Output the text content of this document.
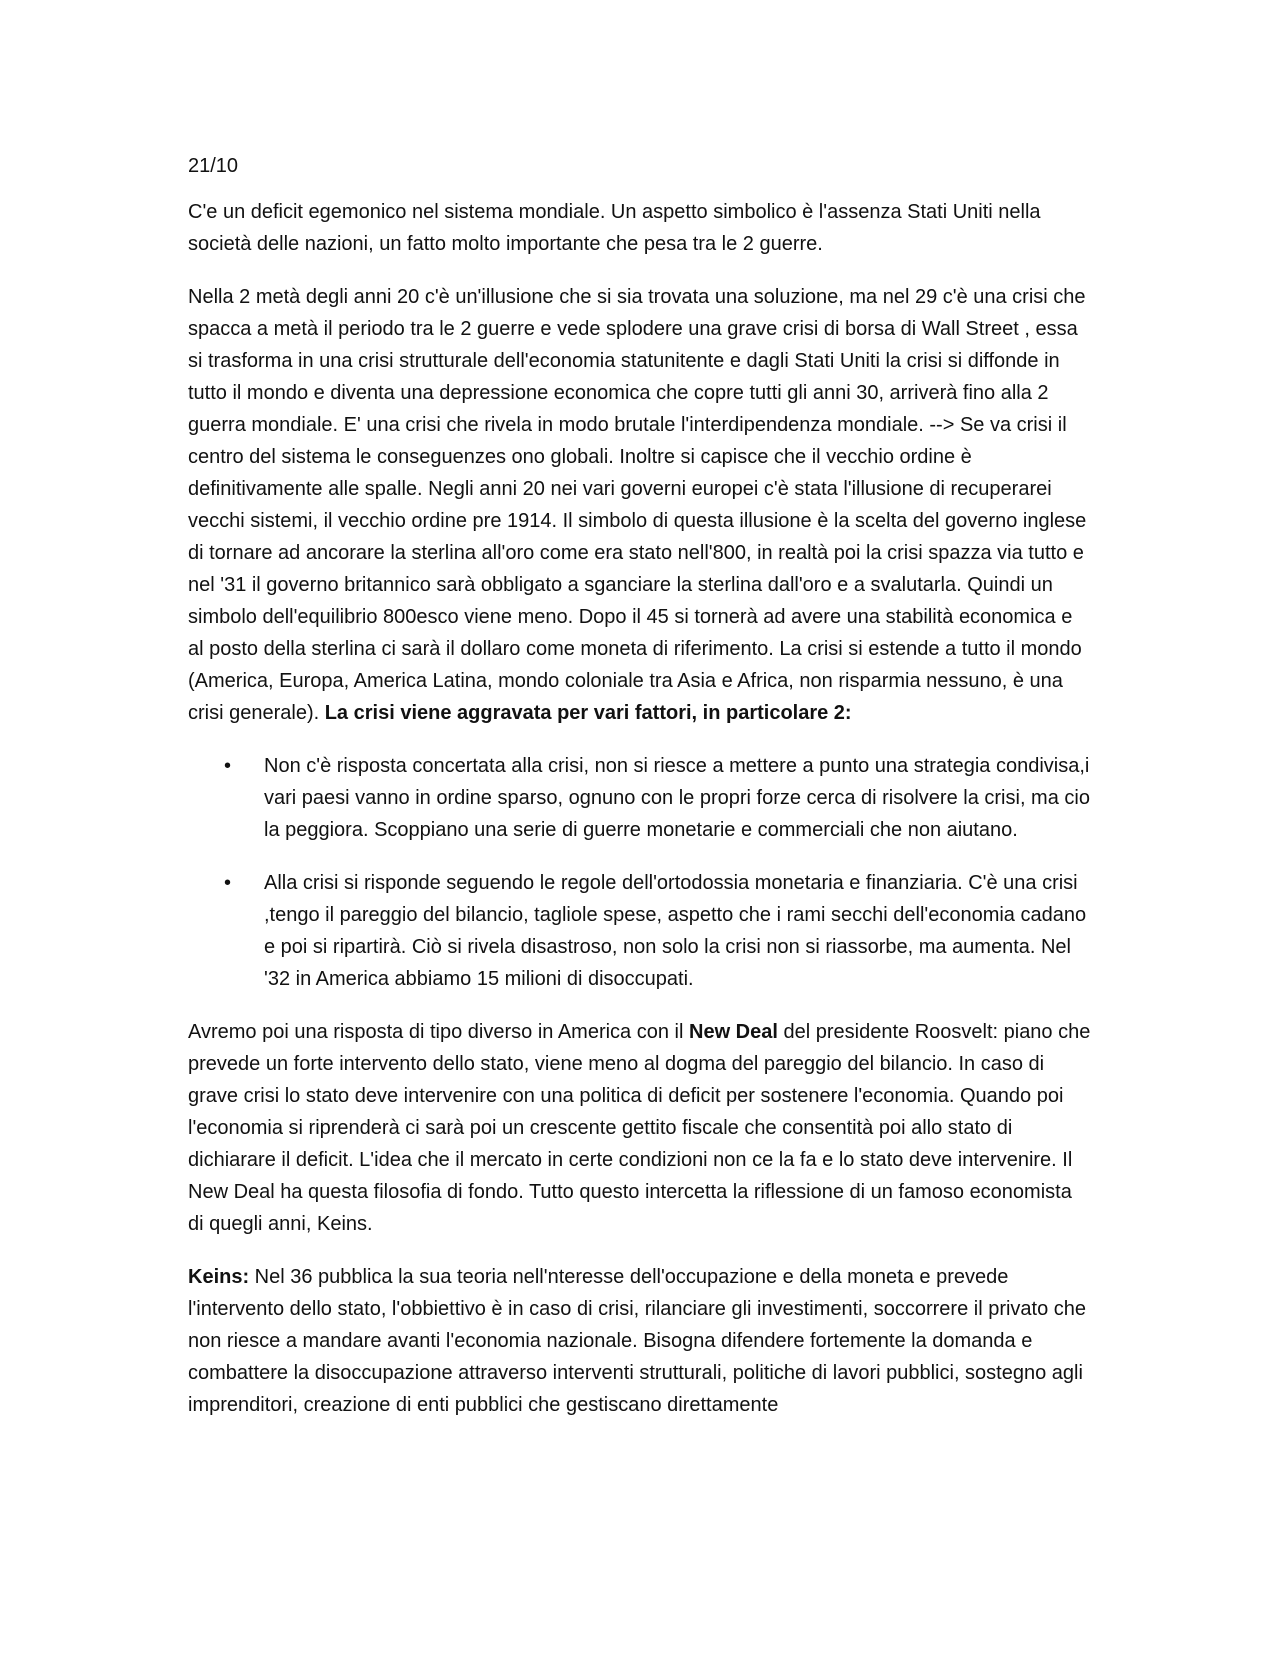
21/10

C'e un deficit egemonico nel sistema mondiale. Un aspetto simbolico è l'assenza Stati Uniti nella società delle nazioni, un fatto molto importante che pesa tra le 2 guerre.

Nella 2 metà degli anni 20 c'è un'illusione che si sia trovata una soluzione, ma nel 29 c'è una crisi che spacca a metà il periodo tra le 2 guerre e vede splodere una grave crisi di borsa di Wall Street , essa si trasforma in una crisi strutturale dell'economia statunitente e dagli Stati Uniti la crisi si diffonde in tutto il mondo e diventa una depressione economica che copre tutti gli anni 30, arriverà fino alla 2 guerra mondiale. E' una crisi che rivela in modo brutale l'interdipendenza mondiale. --> Se va crisi il centro del sistema le conseguenzes ono globali. Inoltre si capisce che il vecchio ordine è definitivamente alle spalle. Negli anni 20 nei vari governi europei c'è stata l'illusione di recuperarei vecchi sistemi, il vecchio ordine pre 1914. Il simbolo di questa illusione è la scelta del governo inglese di tornare ad ancorare la sterlina all'oro come era stato nell'800, in realtà poi la crisi spazza via tutto e nel '31 il governo britannico sarà obbligato a sganciare la sterlina dall'oro e a svalutarla. Quindi un simbolo dell'equilibrio 800esco viene meno. Dopo il 45 si tornerà ad avere una stabilità economica e al posto della sterlina ci sarà il dollaro come moneta di riferimento. La crisi si estende a tutto il mondo (America, Europa, America Latina, mondo coloniale tra Asia e Africa, non risparmia nessuno, è una crisi generale). La crisi viene aggravata per vari fattori, in particolare 2:

• Non c'è risposta concertata alla crisi, non si riesce a mettere a punto una strategia condivisa,i vari paesi vanno in ordine sparso, ognuno con le propri forze cerca di risolvere la crisi, ma cio la peggiora. Scoppiano una serie di guerre monetarie e commerciali che non aiutano.
• Alla crisi si risponde seguendo le regole dell'ortodossia monetaria e finanziaria. C'è una crisi ,tengo il pareggio del bilancio, tagliole spese, aspetto che i rami secchi dell'economia cadano e poi si ripartirà. Ciò si rivela disastroso, non solo la crisi non si riassorbe, ma aumenta. Nel '32 in America abbiamo 15 milioni di disoccupati.

Avremo poi una risposta di tipo diverso in America con il New Deal del presidente Roosvelt: piano che prevede un forte intervento dello stato, viene meno al dogma del pareggio del bilancio. In caso di grave crisi lo stato deve intervenire con una politica di deficit per sostenere l'economia. Quando poi l'economia si riprenderà ci sarà poi un crescente gettito fiscale che consentità poi allo stato di dichiarare il deficit. L'idea che il mercato in certe condizioni non ce la fa e lo stato deve intervenire. Il New Deal ha questa filosofia di fondo. Tutto questo intercetta la riflessione di un famoso economista di quegli anni, Keins.

Keins: Nel 36 pubblica la sua teoria nell'nteresse dell'occupazione e della moneta e prevede l'intervento dello stato, l'obbiettivo è in caso di crisi, rilanciare gli investimenti, soccorrere il privato che non riesce a mandare avanti l'economia nazionale. Bisogna difendere fortemente la domanda e combattere la disoccupazione attraverso interventi strutturali, politiche di lavori pubblici, sostegno agli imprenditori, creazione di enti pubblici che gestiscano direttamente
